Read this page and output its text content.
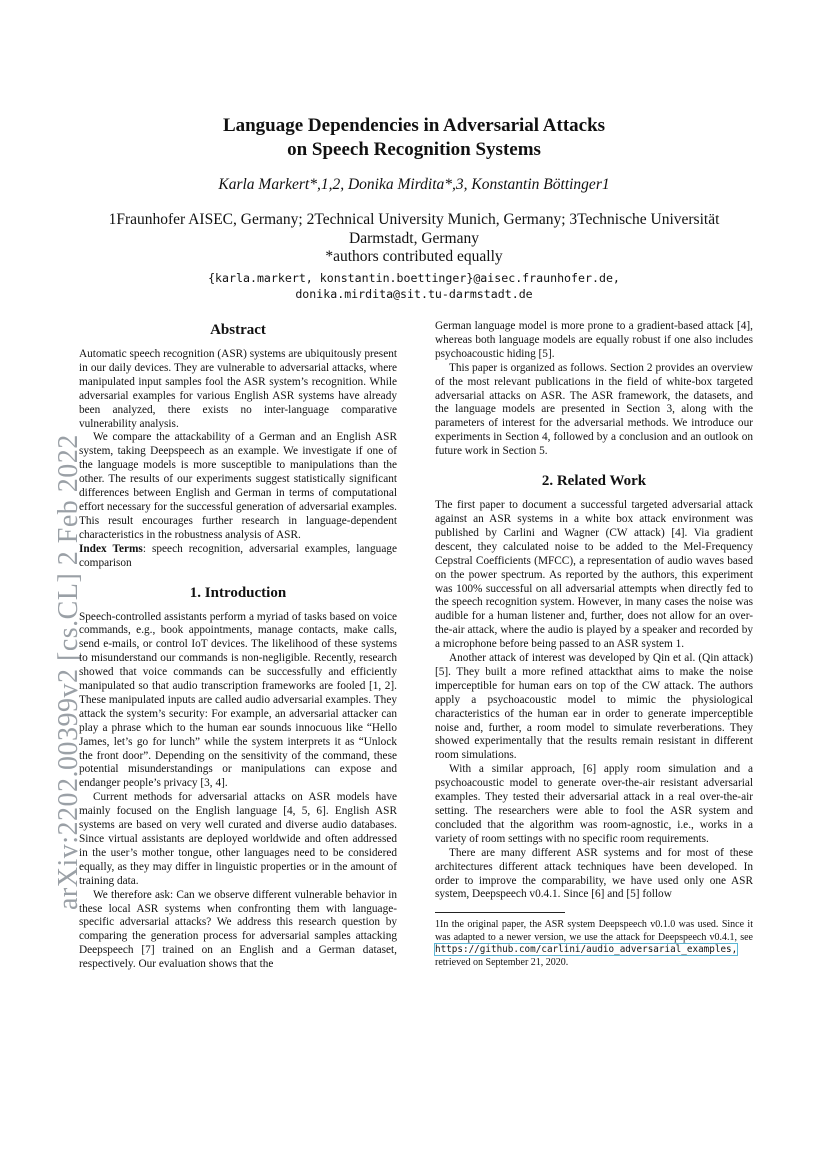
Language Dependencies in Adversarial Attacks
on Speech Recognition Systems
Karla Markert*,1,2, Donika Mirdita*,3, Konstantin Böttinger1
1Fraunhofer AISEC, Germany; 2Technical University Munich, Germany; 3Technische Universität
Darmstadt, Germany
*authors contributed equally
{karla.markert, konstantin.boettinger}@aisec.fraunhofer.de,
donika.mirdita@sit.tu-darmstadt.de
arXiv:2202.00399v2 [cs.CL] 2 Feb 2022
Abstract

Automatic speech recognition (ASR) systems are ubiquitously present in our daily devices. They are vulnerable to adversarial attacks, where manipulated input samples fool the ASR system’s recognition. While adversarial examples for various English ASR systems have already been analyzed, there exists no inter-language comparative vulnerability analysis.

We compare the attackability of a German and an English ASR system, taking Deepspeech as an example. We investigate if one of the language models is more susceptible to manipulations than the other. The results of our experiments suggest statistically significant differences between English and German in terms of computational effort necessary for the successful generation of adversarial examples. This result encourages further research in language-dependent characteristics in the robustness analysis of ASR.

Index Terms: speech recognition, adversarial examples, language comparison

1. Introduction

Speech-controlled assistants perform a myriad of tasks based on voice commands, e.g., book appointments, manage contacts, make calls, send e-mails, or control IoT devices. The likelihood of these systems to misunderstand our commands is non-negligible. Recently, research showed that voice commands can be successfully and efficiently manipulated so that audio transcription frameworks are fooled [1, 2]. These manipulated inputs are called audio adversarial examples. They attack the system’s security: For example, an adversarial attacker can play a phrase which to the human ear sounds innocuous like “Hello James, let’s go for lunch” while the system interprets it as “Unlock the front door”. Depending on the sensitivity of the command, these potential misunderstandings or manipulations can expose and endanger people’s privacy [3, 4].

Current methods for adversarial attacks on ASR models have mainly focused on the English language [4, 5, 6]. English ASR systems are based on very well curated and diverse audio databases. Since virtual assistants are deployed worldwide and often addressed in the user’s mother tongue, other languages need to be considered equally, as they may differ in linguistic properties or in the amount of training data.

We therefore ask: Can we observe different vulnerable behavior in these local ASR systems when confronting them with language-specific adversarial attacks? We address this research question by comparing the generation process for adversarial samples attacking Deepspeech [7] trained on an English and a German dataset, respectively. Our evaluation shows that the

German language model is more prone to a gradient-based attack [4], whereas both language models are equally robust if one also includes psychoacoustic hiding [5].

This paper is organized as follows. Section 2 provides an overview of the most relevant publications in the field of white-box targeted adversarial attacks on ASR. The ASR framework, the datasets, and the language models are presented in Section 3, along with the parameters of interest for the adversarial methods. We introduce our experiments in Section 4, followed by a conclusion and an outlook on future work in Section 5.

2. Related Work

The first paper to document a successful targeted adversarial attack against an ASR systems in a white box attack environment was published by Carlini and Wagner (CW attack) [4]. Via gradient descent, they calculated noise to be added to the Mel-Frequency Cepstral Coefficients (MFCC), a representation of audio waves based on the power spectrum. As reported by the authors, this experiment was 100% successful on all adversarial attempts when directly fed to the speech recognition system. However, in many cases the noise was audible for a human listener and, further, does not allow for an over-the-air attack, where the audio is played by a speaker and recorded by a microphone before being passed to an ASR system 1.

Another attack of interest was developed by Qin et al. (Qin attack) [5]. They built a more refined attackthat aims to make the noise imperceptible for human ears on top of the CW attack. The authors apply a psychoacoustic model to mimic the physiological characteristics of the human ear in order to generate imperceptible noise and, further, a room model to simulate reverberations. They showed experimentally that the results remain resistant in different room simulations.

With a similar approach, [6] apply room simulation and a psychoacoustic model to generate over-the-air resistant adversarial examples. They tested their adversarial attack in a real over-the-air setting. The researchers were able to fool the ASR system and concluded that the algorithm was room-agnostic, i.e., works in a variety of room settings with no specific room requirements.

There are many different ASR systems and for most of these architectures different attack techniques have been developed. In order to improve the comparability, we have used only one ASR system, Deepspeech v0.4.1. Since [6] and [5] follow

1In the original paper, the ASR system Deepspeech v0.1.0 was used. Since it was adapted to a newer version, we use the attack for Deepspeech v0.4.1, see https://github.com/carlini/audio_adversarial_examples, retrieved on September 21, 2020.
